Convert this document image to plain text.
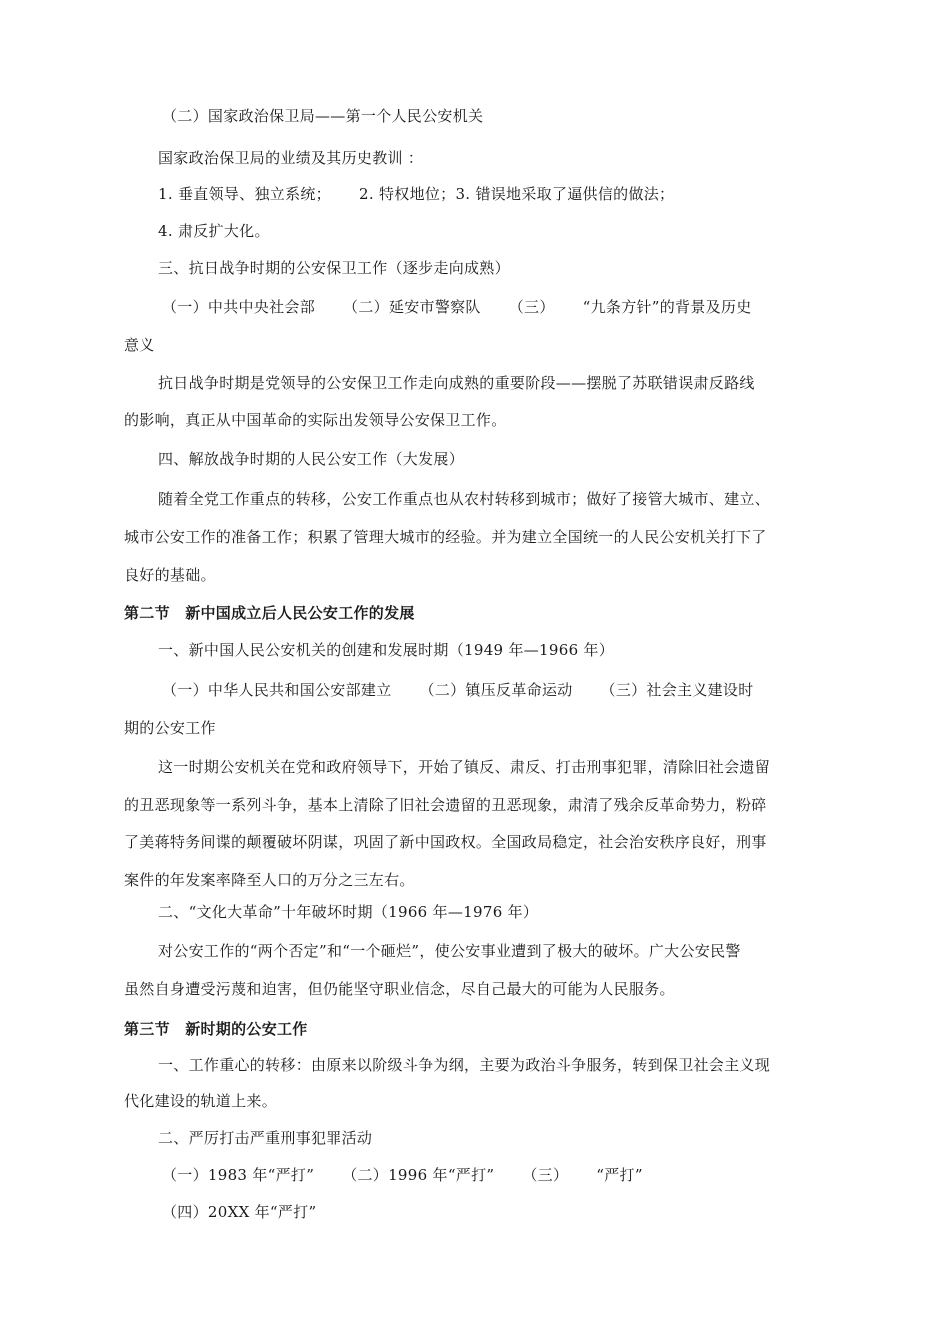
（二）国家政治保卫局——第一个人民公安机关
国家政治保卫局的业绩及其历史教训 ：
1. 垂直领导、独立系统； 2. 特权地位；3. 错误地采取了逼供信的做法；
4. 肃反扩大化。
三、抗日战争时期的公安保卫工作（逐步走向成熟）
（一）中共中央社会部 （二）延安市警察队 （三） “九条方针”的背景及历史
意义
抗日战争时期是党领导的公安保卫工作走向成熟的重要阶段——摆脱了苏联错误肃反路线
的影响，真正从中国革命的实际出发领导公安保卫工作。
四、解放战争时期的人民公安工作（大发展）
随着全党工作重点的转移，公安工作重点也从农村转移到城市；做好了接管大城市、建立、
城市公安工作的准备工作；积累了管理大城市的经验。并为建立全国统一的人民公安机关打下了
良好的基础。
第二节　新中国成立后人民公安工作的发展
一、新中国人民公安机关的创建和发展时期（1949 年—1966 年）
（一）中华人民共和国公安部建立 （二）镇压反革命运动 （三）社会主义建设时
期的公安工作
这一时期公安机关在党和政府领导下，开始了镇反、肃反、打击刑事犯罪，清除旧社会遗留
的丑恶现象等一系列斗争，基本上清除了旧社会遗留的丑恶现象，肃清了残余反革命势力，粉碎
了美蒋特务间谍的颠覆破坏阴谋，巩固了新中国政权。全国政局稳定，社会治安秩序良好，刑事
案件的年发案率降至人口的万分之三左右。
二、“文化大革命”十年破坏时期（1966 年—1976 年）
对公安工作的“两个否定”和“一个砸烂”，使公安事业遭到了极大的破坏。广大公安民警
虽然自身遭受污蔑和迫害，但仍能坚守职业信念，尽自己最大的可能为人民服务。
第三节　新时期的公安工作
一、工作重心的转移：由原来以阶级斗争为纲，主要为政治斗争服务，转到保卫社会主义现
代化建设的轨道上来。
二、严厉打击严重刑事犯罪活动
（一）1983 年“严打” （二）1996 年“严打” （三） “严打”
（四）20XX 年“严打”
